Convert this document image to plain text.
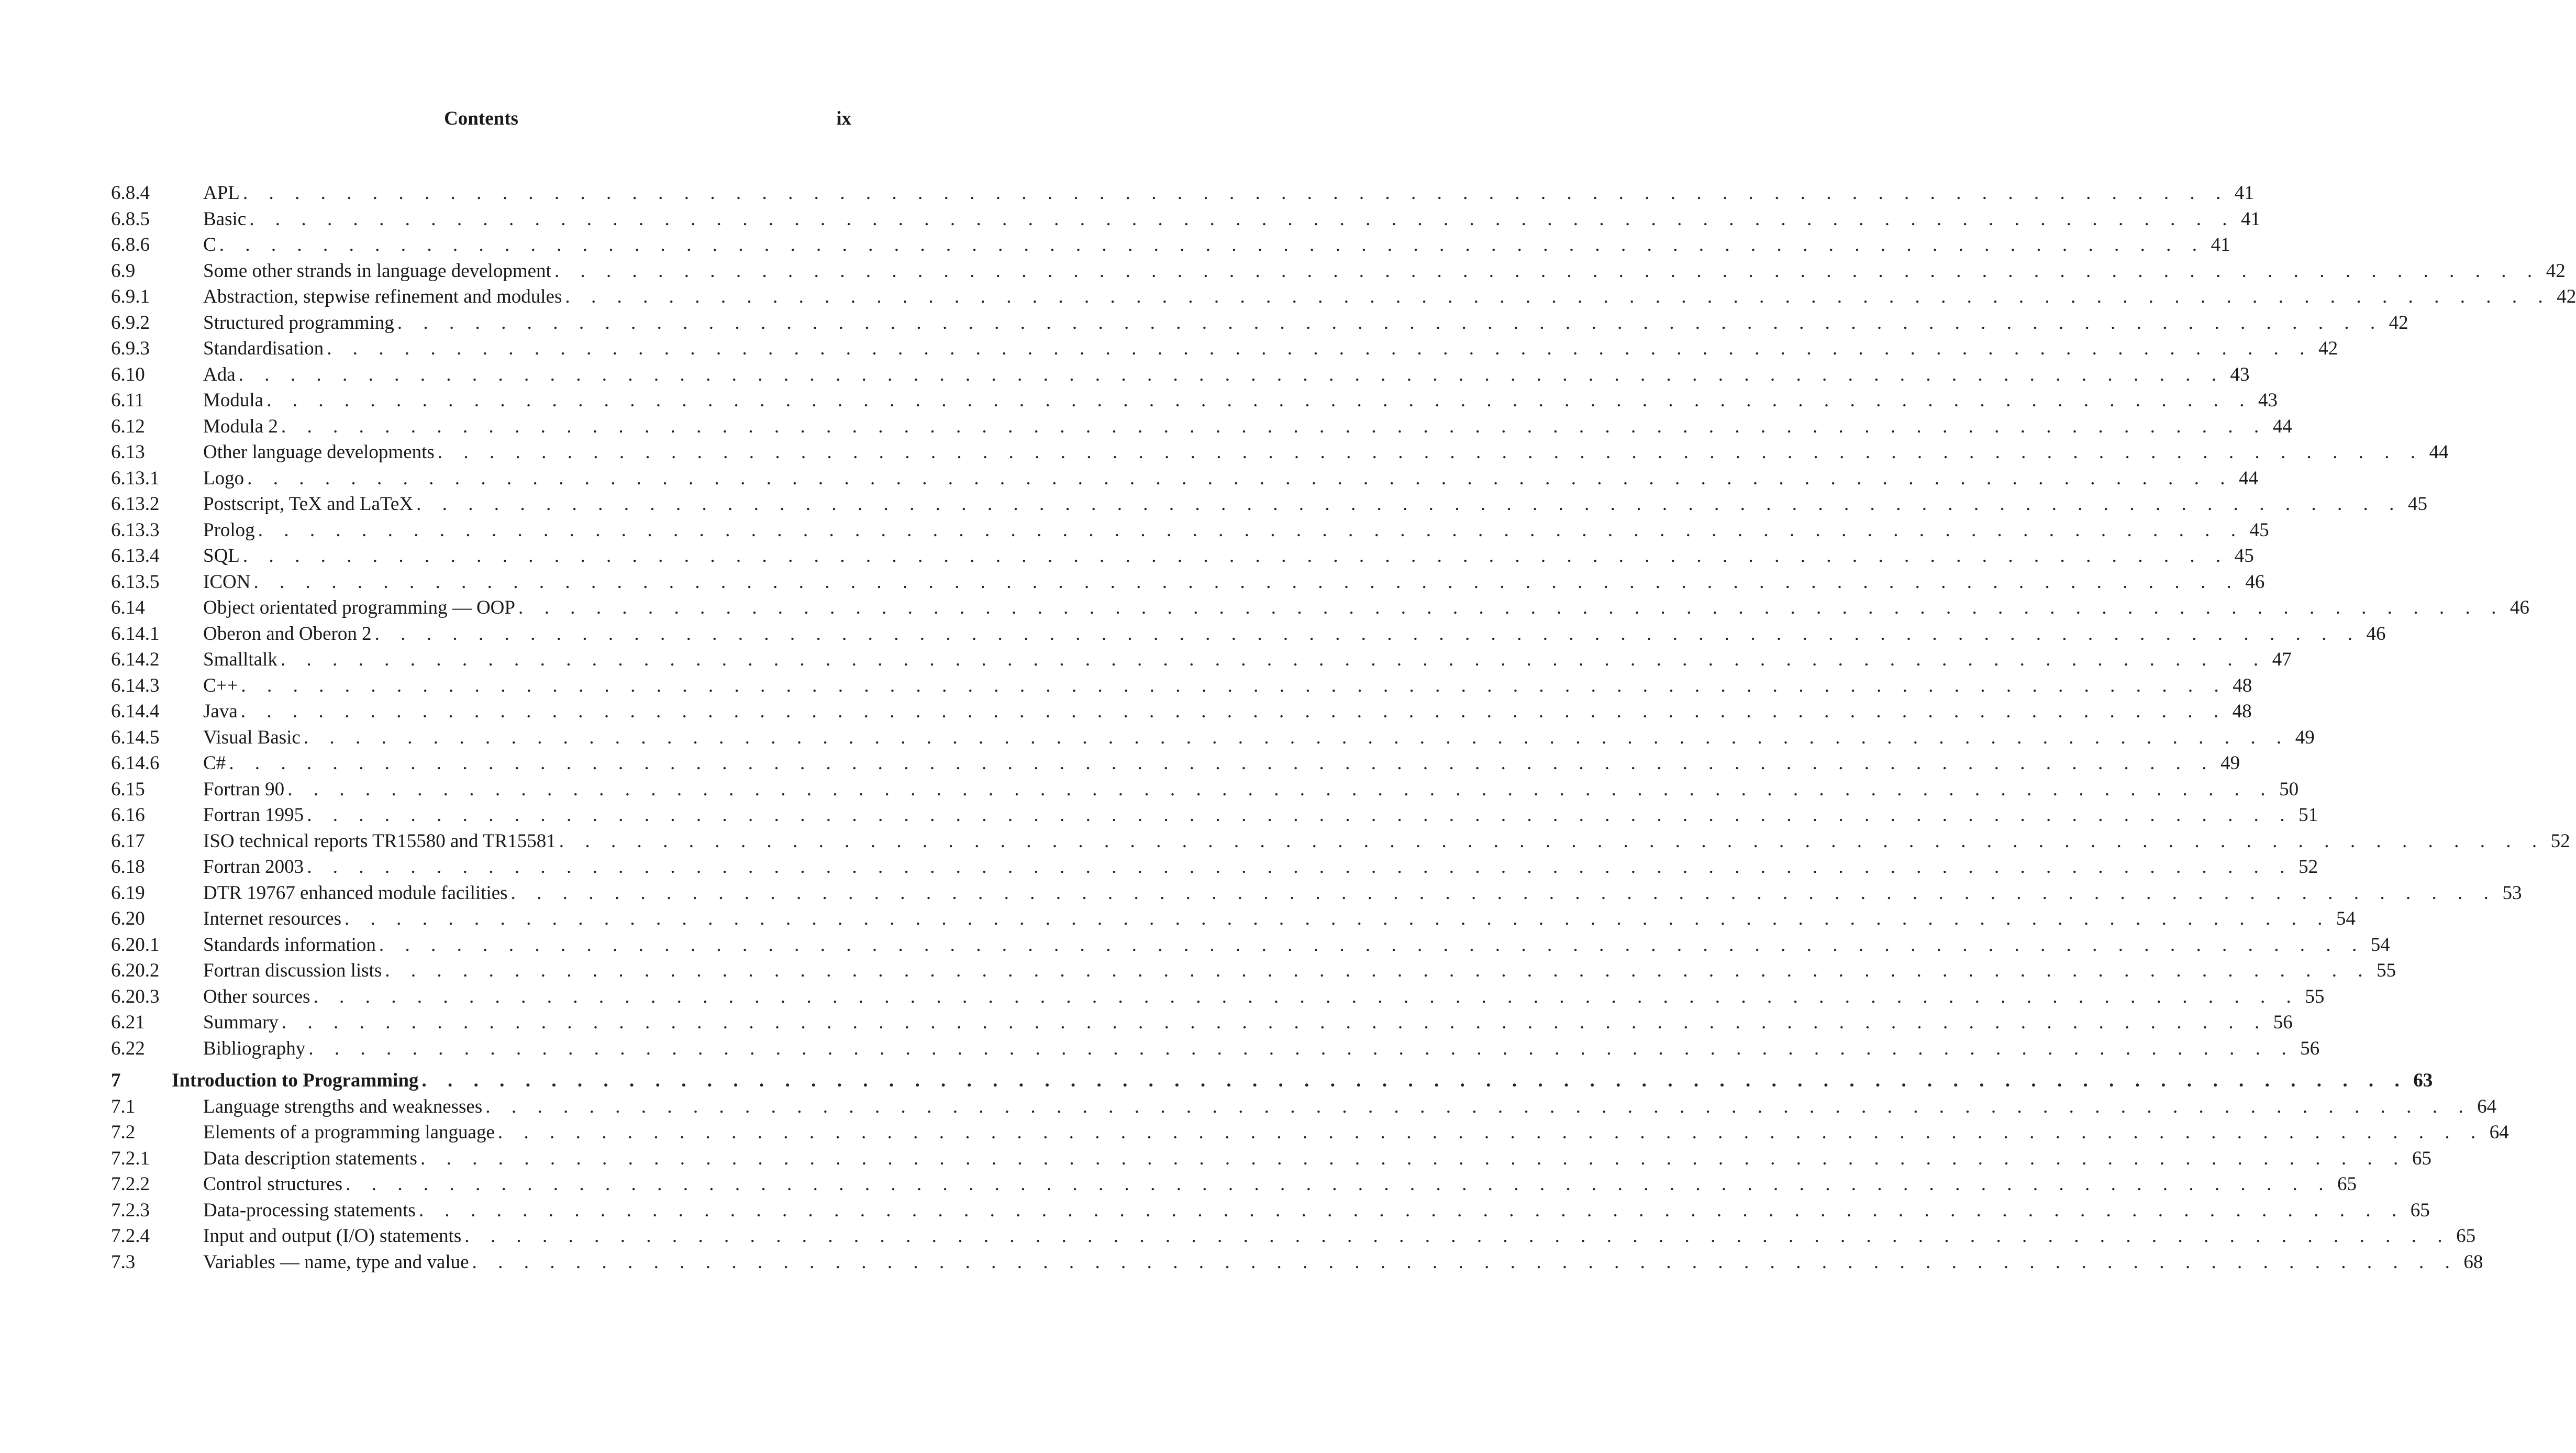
Contents	ix
6.8.4	APL . . . . . . . . . . . . . . . . . . . . . . . . . . . . . . . . . . . . . . . . . . . . . . . . . . . . . . . . . . . . . . . . . . . . . . . . . . . . . 41
6.8.5	Basic . . . . . . . . . . . . . . . . . . . . . . . . . . . . . . . . . . . . . . . . . . . . . . . . . . . . . . . . . . . . . . . . . . . . . . . . . . . . . 41
6.8.6	C . . . . . . . . . . . . . . . . . . . . . . . . . . . . . . . . . . . . . . . . . . . . . . . . . . . . . . . . . . . . . . . . . . . . . . . . . . . . . 41
6.9	Some other strands in language development . . . . . . . . . . . . . . . . . . . . . . . . . . . . . . . . . . . . . . . . . . . . . . . . . . . . . . . . . . . . . . . . . . . . . . . . . . . . . 42
6.9.1	Abstraction, stepwise refinement and modules . . . . . . . . . . . . . . . . . . . . . . . . . . . . . . . . . . . . . . . . . . . . . . . . . . . . . . . . . . . . . . . . . . . . . . . . . . . . . 42
6.9.2	Structured programming . . . . . . . . . . . . . . . . . . . . . . . . . . . . . . . . . . . . . . . . . . . . . . . . . . . . . . . . . . . . . . . . . . . . . . . . . . . . . 42
6.9.3	Standardisation . . . . . . . . . . . . . . . . . . . . . . . . . . . . . . . . . . . . . . . . . . . . . . . . . . . . . . . . . . . . . . . . . . . . . . . . . . . . . 42
6.10	Ada . . . . . . . . . . . . . . . . . . . . . . . . . . . . . . . . . . . . . . . . . . . . . . . . . . . . . . . . . . . . . . . . . . . . . . . . . . . . . 43
6.11	Modula . . . . . . . . . . . . . . . . . . . . . . . . . . . . . . . . . . . . . . . . . . . . . . . . . . . . . . . . . . . . . . . . . . . . . . . . . . . . . 43
6.12	Modula 2 . . . . . . . . . . . . . . . . . . . . . . . . . . . . . . . . . . . . . . . . . . . . . . . . . . . . . . . . . . . . . . . . . . . . . . . . . . . . . 44
6.13	Other language developments . . . . . . . . . . . . . . . . . . . . . . . . . . . . . . . . . . . . . . . . . . . . . . . . . . . . . . . . . . . . . . . . . . . . . . . . . . . . . 44
6.13.1 Logo . . . . . . . . . . . . . . . . . . . . . . . . . . . . . . . . . . . . . . . . . . . . . . . . . . . . . . . . . . . . . . . . . . . . . . . . . . . . . 44
6.13.2 Postscript, TeX and LaTeX . . . . . . . . . . . . . . . . . . . . . . . . . . . . . . . . . . . . . . . . . . . . . . . . . . . . . . . . . . . . . . . . . . . . . . . . . . . . . 45
6.13.3 Prolog . . . . . . . . . . . . . . . . . . . . . . . . . . . . . . . . . . . . . . . . . . . . . . . . . . . . . . . . . . . . . . . . . . . . . . . . . . . . . 45
6.13.4 SQL . . . . . . . . . . . . . . . . . . . . . . . . . . . . . . . . . . . . . . . . . . . . . . . . . . . . . . . . . . . . . . . . . . . . . . . . . . . . . 45
6.13.5 ICON . . . . . . . . . . . . . . . . . . . . . . . . . . . . . . . . . . . . . . . . . . . . . . . . . . . . . . . . . . . . . . . . . . . . . . . . . . . . . 46
6.14	Object orientated programming — OOP . . . . . . . . . . . . . . . . . . . . . . . . . . . . . . . . . . . . . . . . . . . . . . . . . . . . . . . . . . . . . . . . . . . . . . . . . . . . . 46
6.14.1 Oberon and Oberon 2 . . . . . . . . . . . . . . . . . . . . . . . . . . . . . . . . . . . . . . . . . . . . . . . . . . . . . . . . . . . . . . . . . . . . . . . . . . . . . 46
6.14.2 Smalltalk . . . . . . . . . . . . . . . . . . . . . . . . . . . . . . . . . . . . . . . . . . . . . . . . . . . . . . . . . . . . . . . . . . . . . . . . . . . . . 47
6.14.3 C++ . . . . . . . . . . . . . . . . . . . . . . . . . . . . . . . . . . . . . . . . . . . . . . . . . . . . . . . . . . . . . . . . . . . . . . . . . . . . . 48
6.14.4 Java . . . . . . . . . . . . . . . . . . . . . . . . . . . . . . . . . . . . . . . . . . . . . . . . . . . . . . . . . . . . . . . . . . . . . . . . . . . . . 48
6.14.5 Visual Basic . . . . . . . . . . . . . . . . . . . . . . . . . . . . . . . . . . . . . . . . . . . . . . . . . . . . . . . . . . . . . . . . . . . . . . . . . . . . . 49
6.14.6 C# . . . . . . . . . . . . . . . . . . . . . . . . . . . . . . . . . . . . . . . . . . . . . . . . . . . . . . . . . . . . . . . . . . . . . . . . . . . . . 49
6.15	Fortran 90 . . . . . . . . . . . . . . . . . . . . . . . . . . . . . . . . . . . . . . . . . . . . . . . . . . . . . . . . . . . . . . . . . . . . . . . . . . . . . 50
6.16	Fortran 1995 . . . . . . . . . . . . . . . . . . . . . . . . . . . . . . . . . . . . . . . . . . . . . . . . . . . . . . . . . . . . . . . . . . . . . . . . . . . . . 51
6.17	ISO technical reports TR15580 and TR15581 . . . . . . . . . . . . . . . . . . . . . . . . . . . . . . . . . . . . . . . . . . . . . . . . . . . . . . . . . . . . . . . . . . . . . . . . . . . . . 52
6.18	Fortran 2003 . . . . . . . . . . . . . . . . . . . . . . . . . . . . . . . . . . . . . . . . . . . . . . . . . . . . . . . . . . . . . . . . . . . . . . . . . . . . . 52
6.19	DTR 19767 enhanced module facilities . . . . . . . . . . . . . . . . . . . . . . . . . . . . . . . . . . . . . . . . . . . . . . . . . . . . . . . . . . . . . . . . . . . . . . . . . . . . . 53
6.20	Internet resources . . . . . . . . . . . . . . . . . . . . . . . . . . . . . . . . . . . . . . . . . . . . . . . . . . . . . . . . . . . . . . . . . . . . . . . . . . . . . 54
6.20.1 Standards information . . . . . . . . . . . . . . . . . . . . . . . . . . . . . . . . . . . . . . . . . . . . . . . . . . . . . . . . . . . . . . . . . . . . . . . . . . . . . 54
6.20.2 Fortran discussion lists . . . . . . . . . . . . . . . . . . . . . . . . . . . . . . . . . . . . . . . . . . . . . . . . . . . . . . . . . . . . . . . . . . . . . . . . . . . . . 55
6.20.3 Other sources . . . . . . . . . . . . . . . . . . . . . . . . . . . . . . . . . . . . . . . . . . . . . . . . . . . . . . . . . . . . . . . . . . . . . . . . . . . . . 55
6.21	Summary . . . . . . . . . . . . . . . . . . . . . . . . . . . . . . . . . . . . . . . . . . . . . . . . . . . . . . . . . . . . . . . . . . . . . . . . . . . . . 56
6.22	Bibliography . . . . . . . . . . . . . . . . . . . . . . . . . . . . . . . . . . . . . . . . . . . . . . . . . . . . . . . . . . . . . . . . . . . . . . . . . . . . . 56
7	Introduction to Programming . . . . . . . . . . . . . . . . . . . . . . . . . . . . . . . . . . . . . . . . . . . . . . . . . . . . . . . . . . . . . . . . . . . . . . . . . . . . . 63
7.1	Language strengths and weaknesses . . . . . . . . . . . . . . . . . . . . . . . . . . . . . . . . . . . . . . . . . . . . . . . . . . . . . . . . . . . . . . . . . . . . . . . . . . . . . 64
7.2	Elements of a programming language . . . . . . . . . . . . . . . . . . . . . . . . . . . . . . . . . . . . . . . . . . . . . . . . . . . . . . . . . . . . . . . . . . . . . . . . . . . . . 64
7.2.1	Data description statements . . . . . . . . . . . . . . . . . . . . . . . . . . . . . . . . . . . . . . . . . . . . . . . . . . . . . . . . . . . . . . . . . . . . . . . . . . . . . 65
7.2.2	Control structures . . . . . . . . . . . . . . . . . . . . . . . . . . . . . . . . . . . . . . . . . . . . . . . . . . . . . . . . . . . . . . . . . . . . . . . . . . . . . 65
7.2.3	Data-processing statements . . . . . . . . . . . . . . . . . . . . . . . . . . . . . . . . . . . . . . . . . . . . . . . . . . . . . . . . . . . . . . . . . . . . . . . . . . . . . 65
7.2.4	Input and output (I/O) statements . . . . . . . . . . . . . . . . . . . . . . . . . . . . . . . . . . . . . . . . . . . . . . . . . . . . . . . . . . . . . . . . . . . . . . . . . . . . . 65
7.3	Variables — name, type and value . . . . . . . . . . . . . . . . . . . . . . . . . . . . . . . . . . . . . . . . . . . . . . . . . . . . . . . . . . . . . . . . . . . . . . . . . . . . . 68
